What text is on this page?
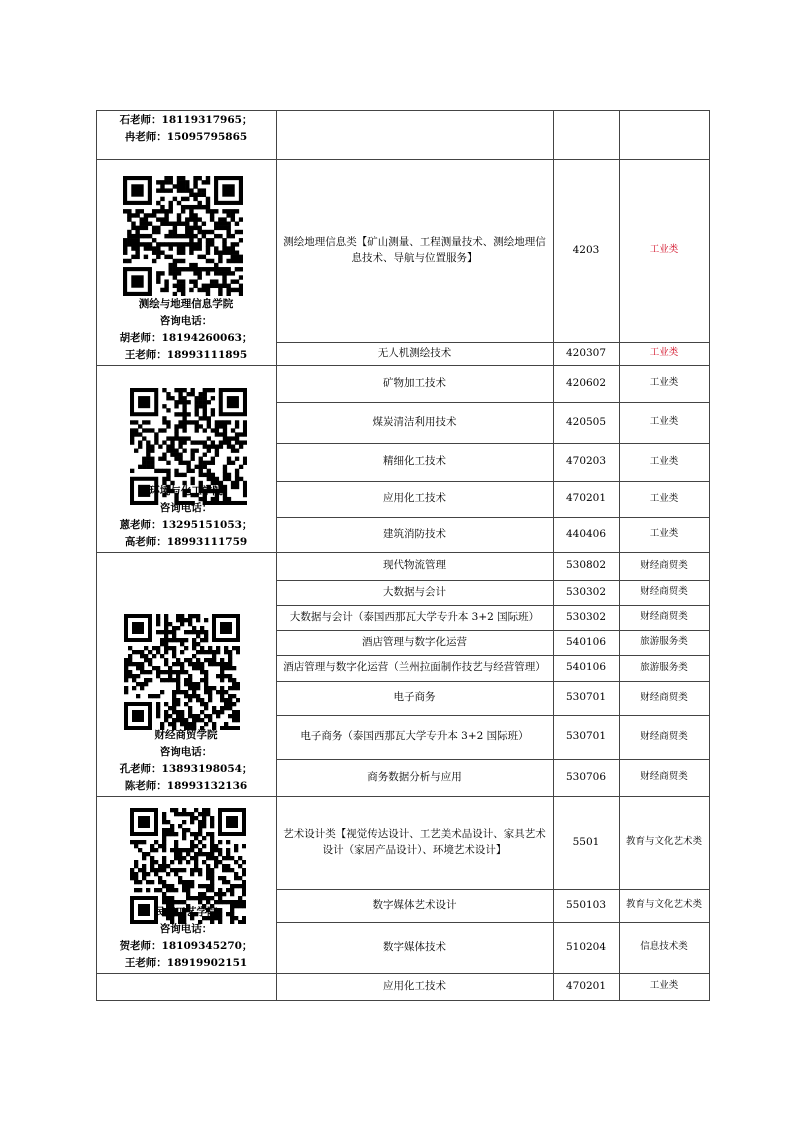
石老师：18119317965；
冉老师：15095795865
测绘地理信息类【矿山测量、工程测量技术、测绘地理信息技术、导航与位置服务】
4203	工业类
无人机测绘技术	420307	工业类
测绘与地理信息学院
咨询电话：
胡老师：18194260063；
王老师：18993111895
矿物加工技术	420602	工业类
煤炭清洁利用技术	420505	工业类
精细化工技术	470203	工业类
应用化工技术	470201	工业类
建筑消防技术	440406	工业类
环境与化工学院
咨询电话：
蒽老师：13295151053；
高老师：18993111759
现代物流管理	530802	财经商贸类
大数据与会计	530302	财经商贸类
大数据与会计（泰国西那瓦大学专升本 3+2 国际班）	530302	财经商贸类
酒店管理与数字化运营	540106	旅游服务类
酒店管理与数字化运营（兰州拉面制作技艺与经营管理）	540106	旅游服务类
电子商务	530701	财经商贸类
电子商务（泰国西那瓦大学专升本 3+2 国际班）	530701	财经商贸类
商务数据分析与应用	530706	财经商贸类
财经商贸学院
咨询电话：
孔老师：13893198054；
陈老师：18993132136
艺术设计类【视觉传达设计、工艺美术品设计、家具艺术设计（家居产品设计）、环境艺术设计】
5501	教育与文化艺术类
数字媒体艺术设计	550103	教育与文化艺术类
数字媒体技术	510204	信息技术类
民族工艺学院
咨询电话：
贺老师：18109345270；
王老师：18919902151
应用化工技术	470201	工业类
